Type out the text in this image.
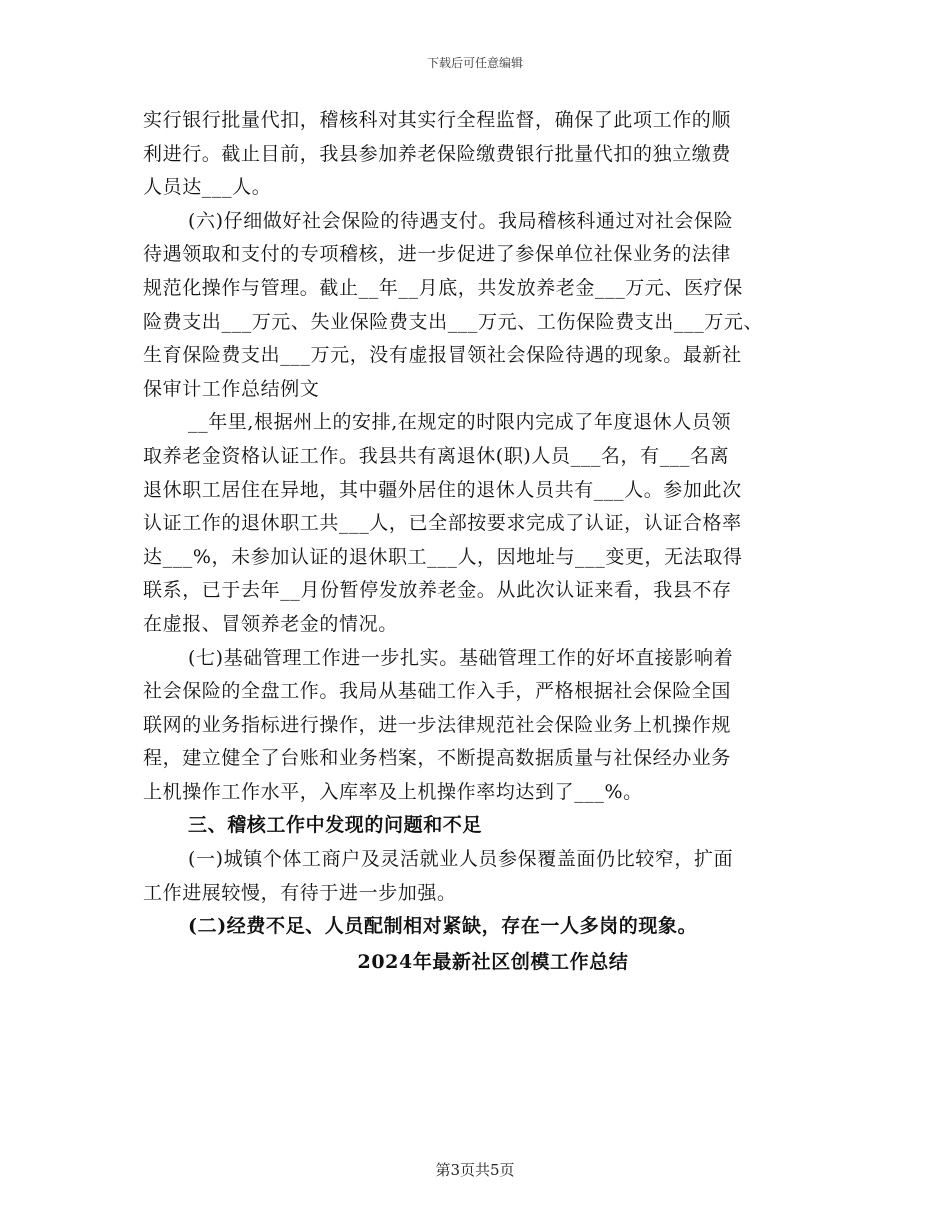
下载后可任意编辑
实行银行批量代扣，稽核科对其实行全程监督，确保了此项工作的顺
利进行。截止目前，我县参加养老保险缴费银行批量代扣的独立缴费
人员达___人。
(六)仔细做好社会保险的待遇支付。我局稽核科通过对社会保险
待遇领取和支付的专项稽核，进一步促进了参保单位社保业务的法律
规范化操作与管理。截止__年__月底，共发放养老金___万元、医疗保
险费支出___万元、失业保险费支出___万元、工伤保险费支出___万元、
生育保险费支出___万元，没有虚报冒领社会保险待遇的现象。最新社
保审计工作总结例文
__年里,根据州上的安排,在规定的时限内完成了年度退休人员领
取养老金资格认证工作。我县共有离退休(职)人员___名，有___名离
退休职工居住在异地，其中疆外居住的退休人员共有___人。参加此次
认证工作的退休职工共___人，已全部按要求完成了认证，认证合格率
达___%，未参加认证的退休职工___人，因地址与___变更，无法取得
联系，已于去年__月份暂停发放养老金。从此次认证来看，我县不存
在虚报、冒领养老金的情况。
(七)基础管理工作进一步扎实。基础管理工作的好坏直接影响着
社会保险的全盘工作。我局从基础工作入手，严格根据社会保险全国
联网的业务指标进行操作，进一步法律规范社会保险业务上机操作规
程，建立健全了台账和业务档案，不断提高数据质量与社保经办业务
上机操作工作水平，入库率及上机操作率均达到了___%。
三、稽核工作中发现的问题和不足
(一)城镇个体工商户及灵活就业人员参保覆盖面仍比较窄，扩面
工作进展较慢，有待于进一步加强。
(二)经费不足、人员配制相对紧缺，存在一人多岗的现象。
2024年最新社区创模工作总结
第3页共5页
